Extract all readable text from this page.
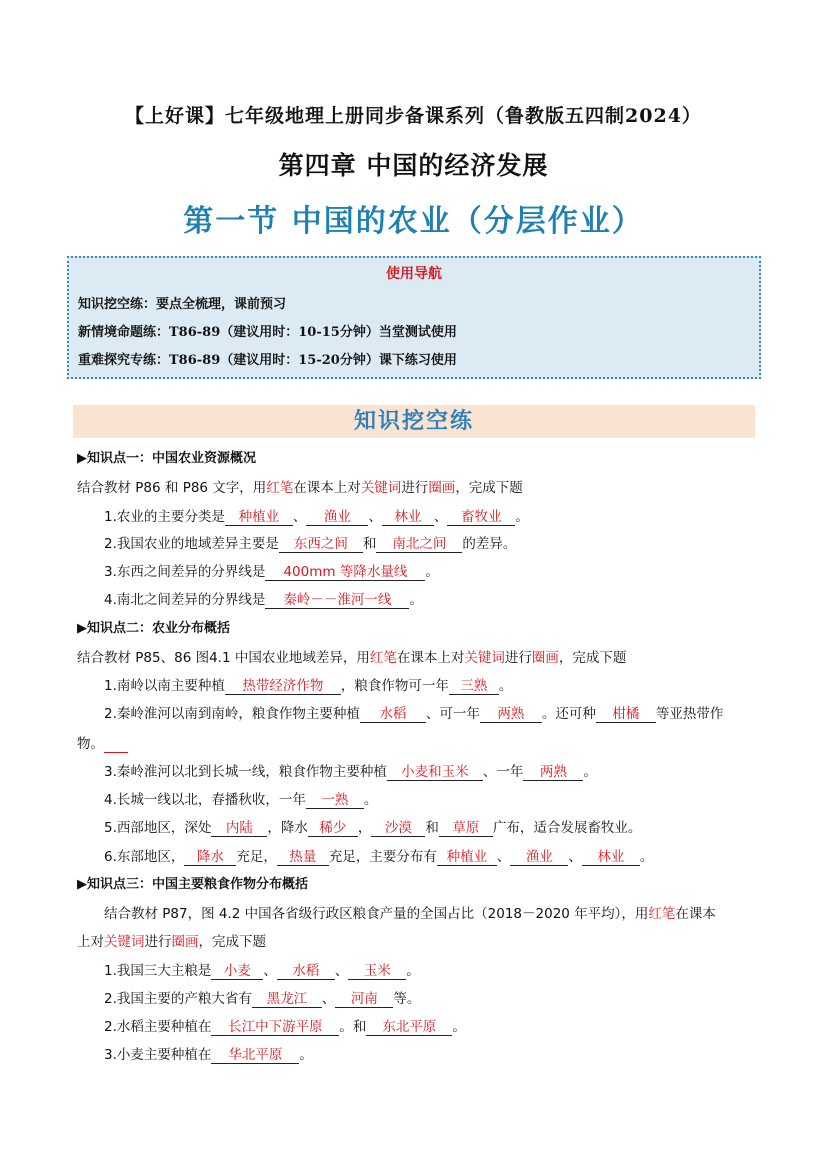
【上好课】七年级地理上册同步备课系列（鲁教版五四制2024）
第四章 中国的经济发展
第一节 中国的农业（分层作业）
使用导航
知识挖空练：要点全梳理，课前预习
新情境命题练：T86-89（建议用时：10-15分钟）当堂测试使用
重难探究专练：T86-89（建议用时：15-20分钟）课下练习使用
知识挖空练
▶知识点一：中国农业资源概况
结合教材 P86 和 P86 文字，用红笔在课本上对关键词进行圈画，完成下题
1.农业的主要分类是 种植业 、 渔业 、 林业 、 畜牧业 。
2.我国农业的地域差异主要是 东西之间 和 南北之间 的差异。
3.东西之间差异的分界线是 400mm 等降水量线 。
4.南北之间差异的分界线是 秦岭－－淮河一线 。
▶知识点二：农业分布概括
结合教材 P85、86 图4.1 中国农业地域差异，用红笔在课本上对关键词进行圈画，完成下题
1.南岭以南主要种植 热带经济作物 ，粮食作物可一年 三熟 。
2.秦岭淮河以南到南岭，粮食作物主要种植 水稻 、可一年 两熟 。还可种 柑橘 等亚热带作
物。
3.秦岭淮河以北到长城一线，粮食作物主要种植 小麦和玉米 、一年 两熟 。
4.长城一线以北，春播秋收，一年 一熟 。
5.西部地区，深处 内陆 ，降水 稀少 ， 沙漠 和 草原 广布，适合发展畜牧业。
6.东部地区， 降水 充足， 热量 充足，主要分布有 种植业 、 渔业 、 林业 。
▶知识点三：中国主要粮食作物分布概括
结合教材 P87，图 4.2 中国各省级行政区粮食产量的全国占比（2018－2020 年平均），用红笔在课本
上对关键词进行圈画，完成下题
1.我国三大主粮是 小麦 、 水稻 、 玉米 。
2.我国主要的产粮大省有 黑龙江 、 河南 等。
2.水稻主要种植在 长江中下游平原 。和 东北平原 。
3.小麦主要种植在 华北平原 。
